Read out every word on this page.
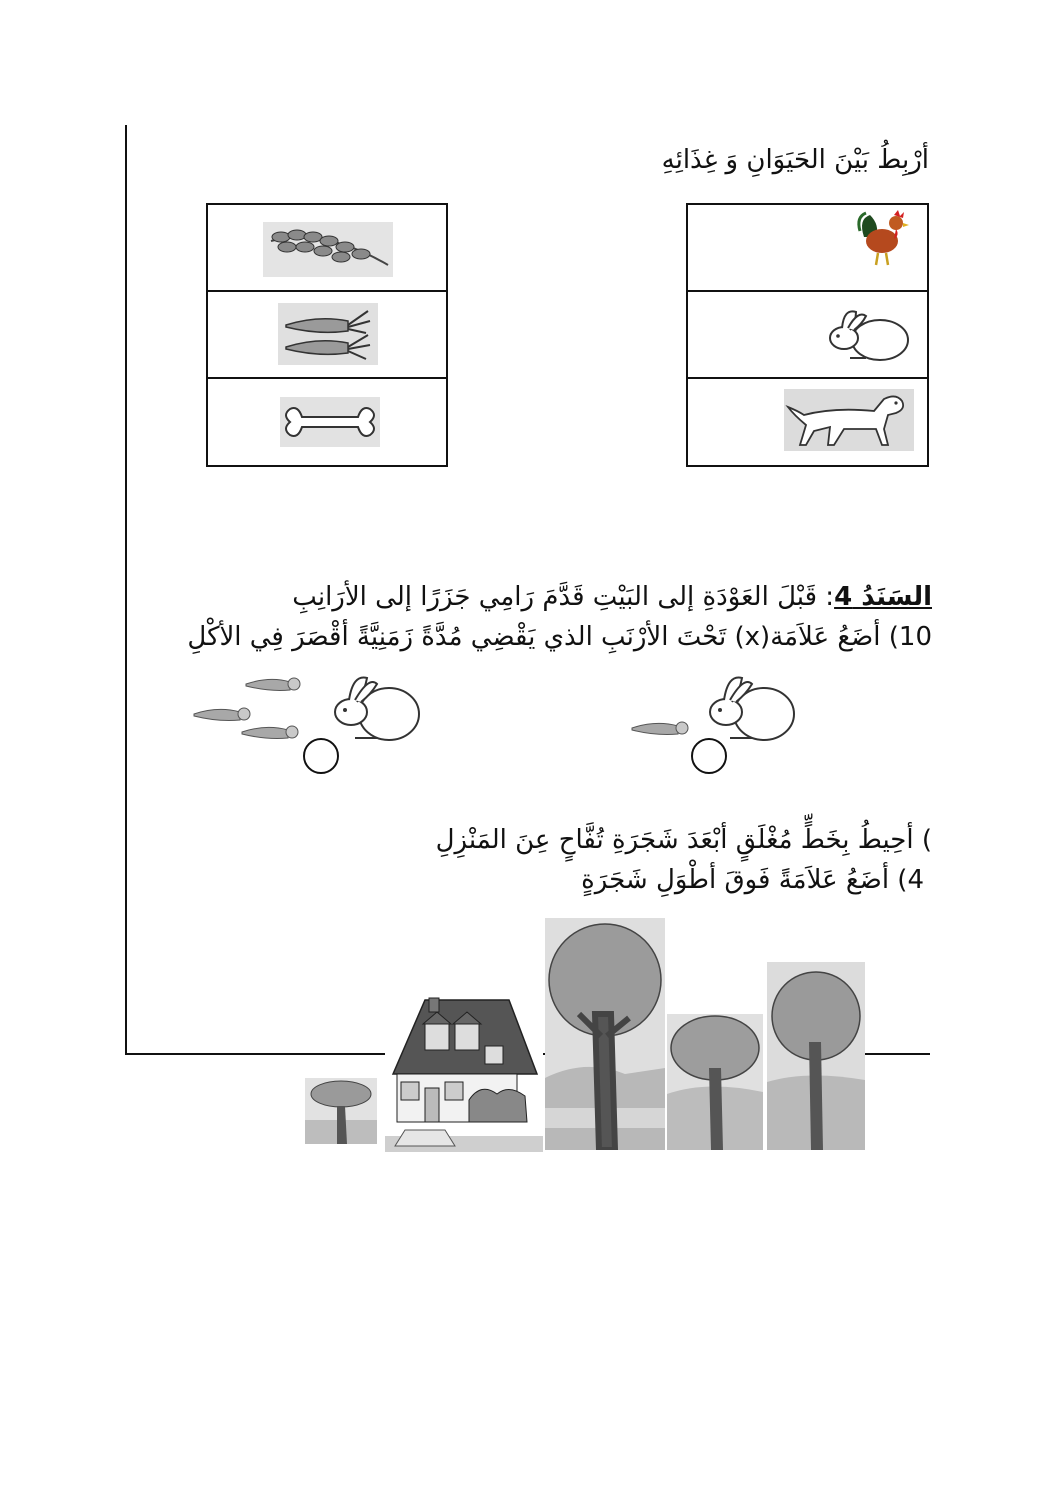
أرْبِطُ بَيْنَ الحَيَوَانِ وَ غِذَائِهِ
السَنَدُ 4: قَبْلَ العَوْدَةِ إلى البَيْتِ قَدَّمَ رَامِي جَزَرًا إلى الأرَانِبِ
10) أضَعُ عَلاَمَة(x) تَحْتَ الأرْنَبِ الذي يَقْضِي مُدَّةً زَمَنِيَّةً أقْصَرَ فِي الأكْلِ
) أحِيطُ بِخَطٍّ مُغْلَقٍ أبْعَدَ شَجَرَةِ تُفَّاحٍ عِنَ المَنْزِلِ
4) أضَعُ عَلاَمَةً فَوقَ أطْوَلِ شَجَرَةٍ
